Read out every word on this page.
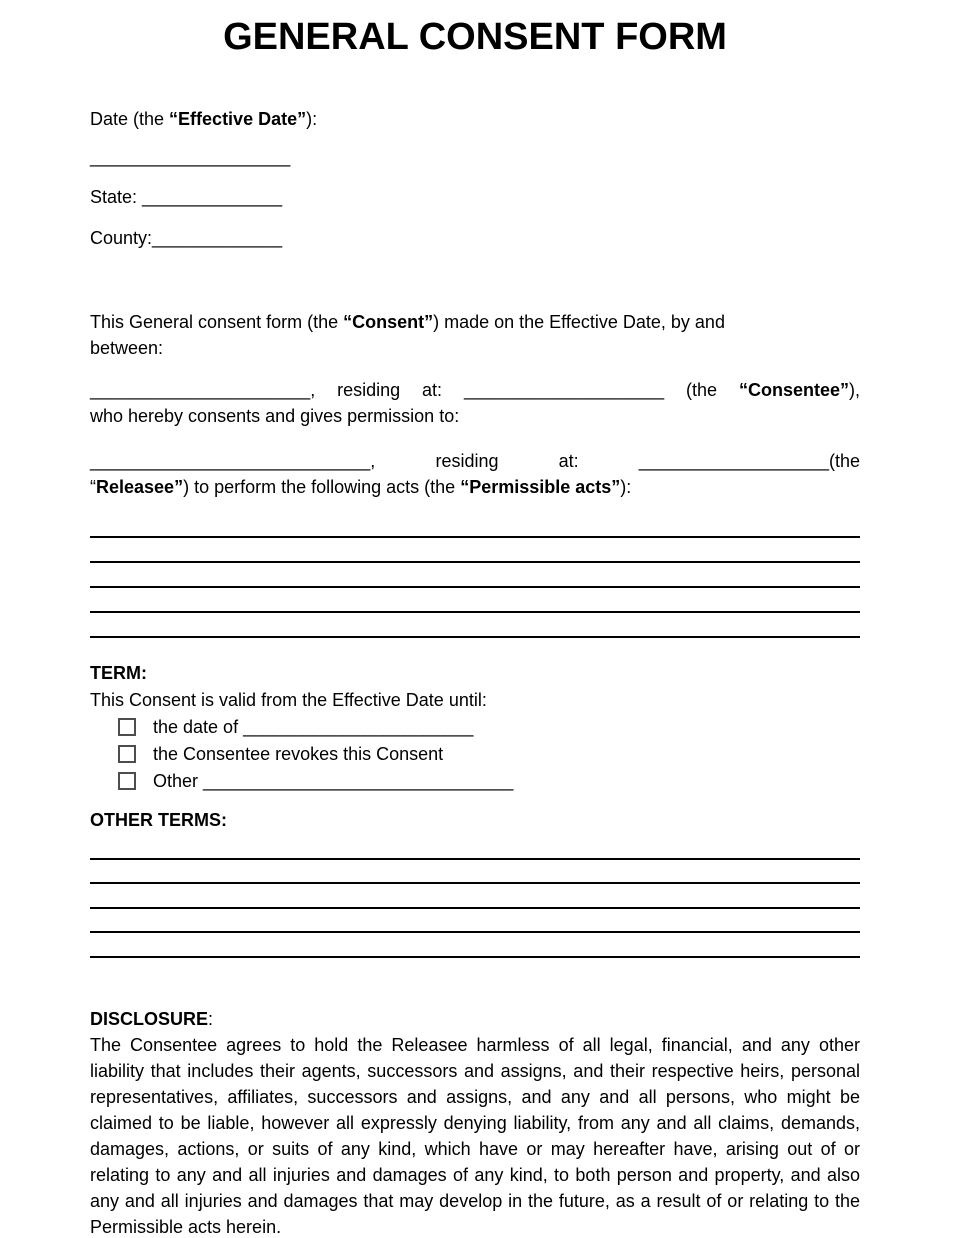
GENERAL CONSENT FORM
Date (the “Effective Date”):
____________________
State: ______________
County:_____________
This General consent form (the “Consent”) made on the Effective Date, by and
between:
______________________, residing at: ____________________ (the “Consentee”),
who hereby consents and gives permission to:
____________________________, residing at: ___________________(the
“Releasee”) to perform the following acts (the “Permissible acts”):
TERM:
This Consent is valid from the Effective Date until:
the date of _______________________
the Consentee revokes this Consent
Other _______________________________
OTHER TERMS:
DISCLOSURE:
The Consentee agrees to hold the Releasee harmless of all legal, financial, and any other liability that includes their agents, successors and assigns, and their respective heirs, personal representatives, affiliates, successors and assigns, and any and all persons, who might be claimed to be liable, however all expressly denying liability, from any and all claims, demands, damages, actions, or suits of any kind, which have or may hereafter have, arising out of or relating to any and all injuries and damages of any kind, to both person and property, and also any and all injuries and damages that may develop in the future, as a result of or relating to the Permissible acts herein.
